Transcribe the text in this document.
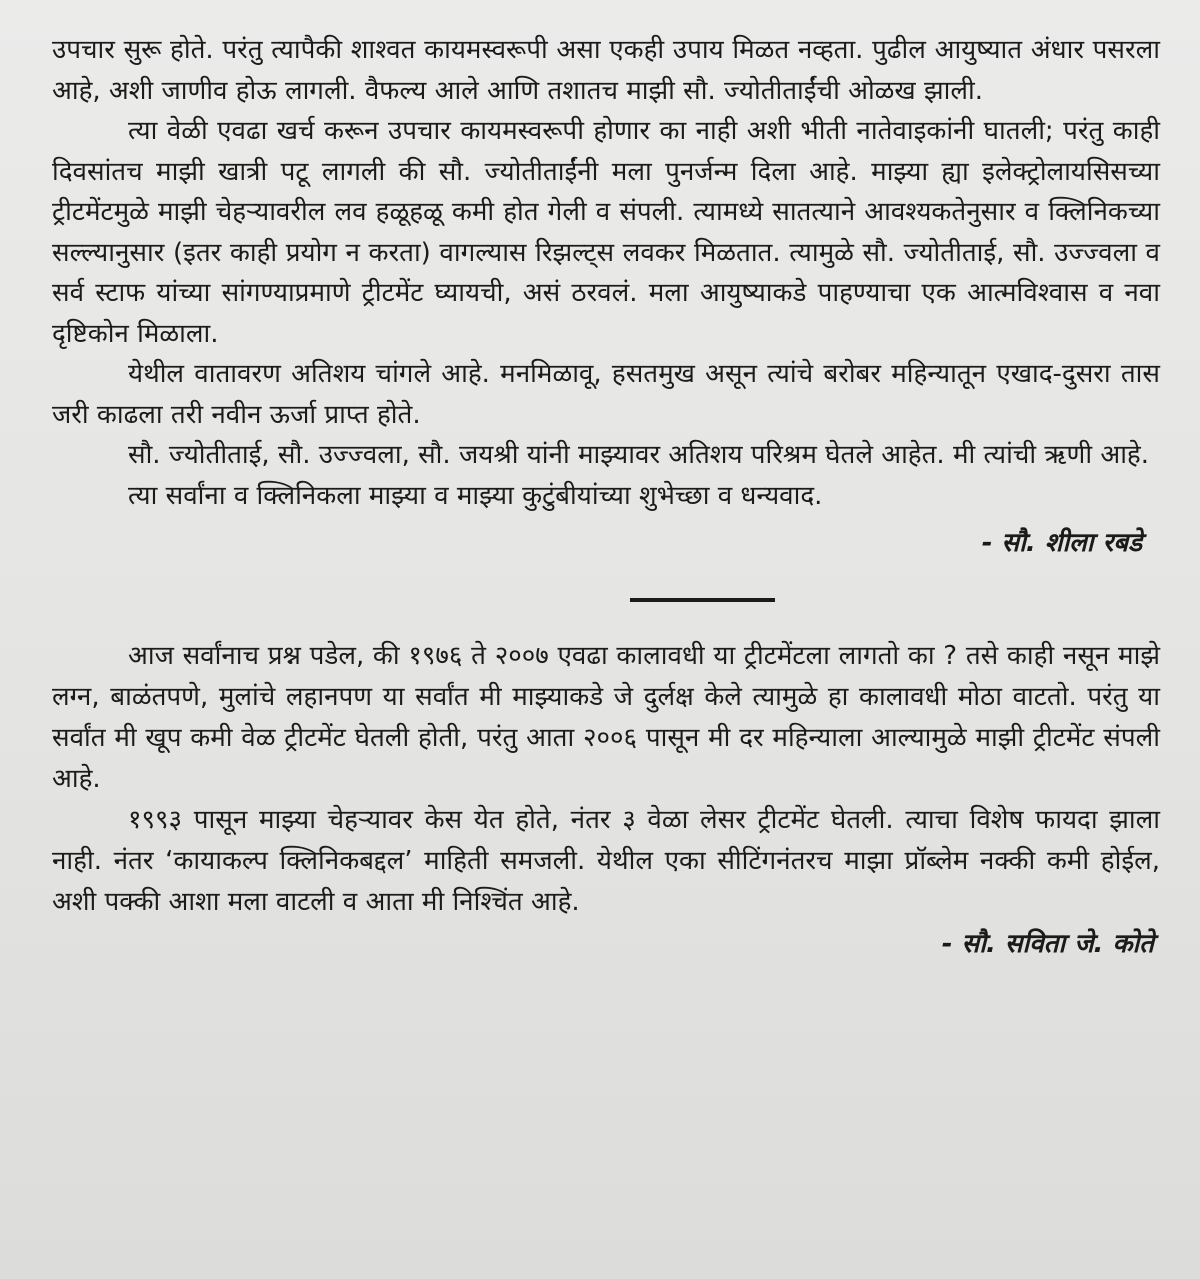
उपचार सुरू होते. परंतु त्यापैकी शाश्वत कायमस्वरूपी असा एकही उपाय मिळत नव्हता. पुढील आयुष्यात अंधार पसरला आहे, अशी जाणीव होऊ लागली. वैफल्य आले आणि तशातच माझी सौ. ज्योतीताईंची ओळख झाली.

त्या वेळी एवढा खर्च करून उपचार कायमस्वरूपी होणार का नाही अशी भीती नातेवाइकांनी घातली; परंतु काही दिवसांतच माझी खात्री पटू लागली की सौ. ज्योतीताईंनी मला पुनर्जन्म दिला आहे. माझ्या ह्या इलेक्ट्रोलायसिसच्या ट्रीटमेंटमुळे माझी चेहऱ्यावरील लव हळूहळू कमी होत गेली व संपली. त्यामध्ये सातत्याने आवश्यकतेनुसार व क्लिनिकच्या सल्ल्यानुसार (इतर काही प्रयोग न करता) वागल्यास रिझल्ट्स लवकर मिळतात. त्यामुळे सौ. ज्योतीताई, सौ. उज्ज्वला व सर्व स्टाफ यांच्या सांगण्याप्रमाणे ट्रीटमेंट घ्यायची, असं ठरवलं. मला आयुष्याकडे पाहण्याचा एक आत्मविश्वास व नवा दृष्टिकोन मिळाला.

येथील वातावरण अतिशय चांगले आहे. मनमिळावू, हसतमुख असून त्यांचे बरोबर महिन्यातून एखाद-दुसरा तास जरी काढला तरी नवीन ऊर्जा प्राप्त होते.

सौ. ज्योतीताई, सौ. उज्ज्वला, सौ. जयश्री यांनी माझ्यावर अतिशय परिश्रम घेतले आहेत. मी त्यांची ऋणी आहे.

त्या सर्वांना व क्लिनिकला माझ्या व माझ्या कुटुंबीयांच्या शुभेच्छा व धन्यवाद.

- सौ. शीला रबडे

आज सर्वांनाच प्रश्न पडेल, की १९७६ ते २००७ एवढा कालावधी या ट्रीटमेंटला लागतो का ? तसे काही नसून माझे लग्न, बाळंतपणे, मुलांचे लहानपण या सर्वांत मी माझ्याकडे जे दुर्लक्ष केले त्यामुळे हा कालावधी मोठा वाटतो. परंतु या सर्वांत मी खूप कमी वेळ ट्रीटमेंट घेतली होती, परंतु आता २००६ पासून मी दर महिन्याला आल्यामुळे माझी ट्रीटमेंट संपली आहे.

१९९३ पासून माझ्या चेहऱ्यावर केस येत होते, नंतर ३ वेळा लेसर ट्रीटमेंट घेतली. त्याचा विशेष फायदा झाला नाही. नंतर ‘कायाकल्प क्लिनिकबद्दल’ माहिती समजली. येथील एका सीटिंगनंतरच माझा प्रॉब्लेम नक्की कमी होईल, अशी पक्की आशा मला वाटली व आता मी निश्चिंत आहे.

- सौ. सविता जे. कोते
